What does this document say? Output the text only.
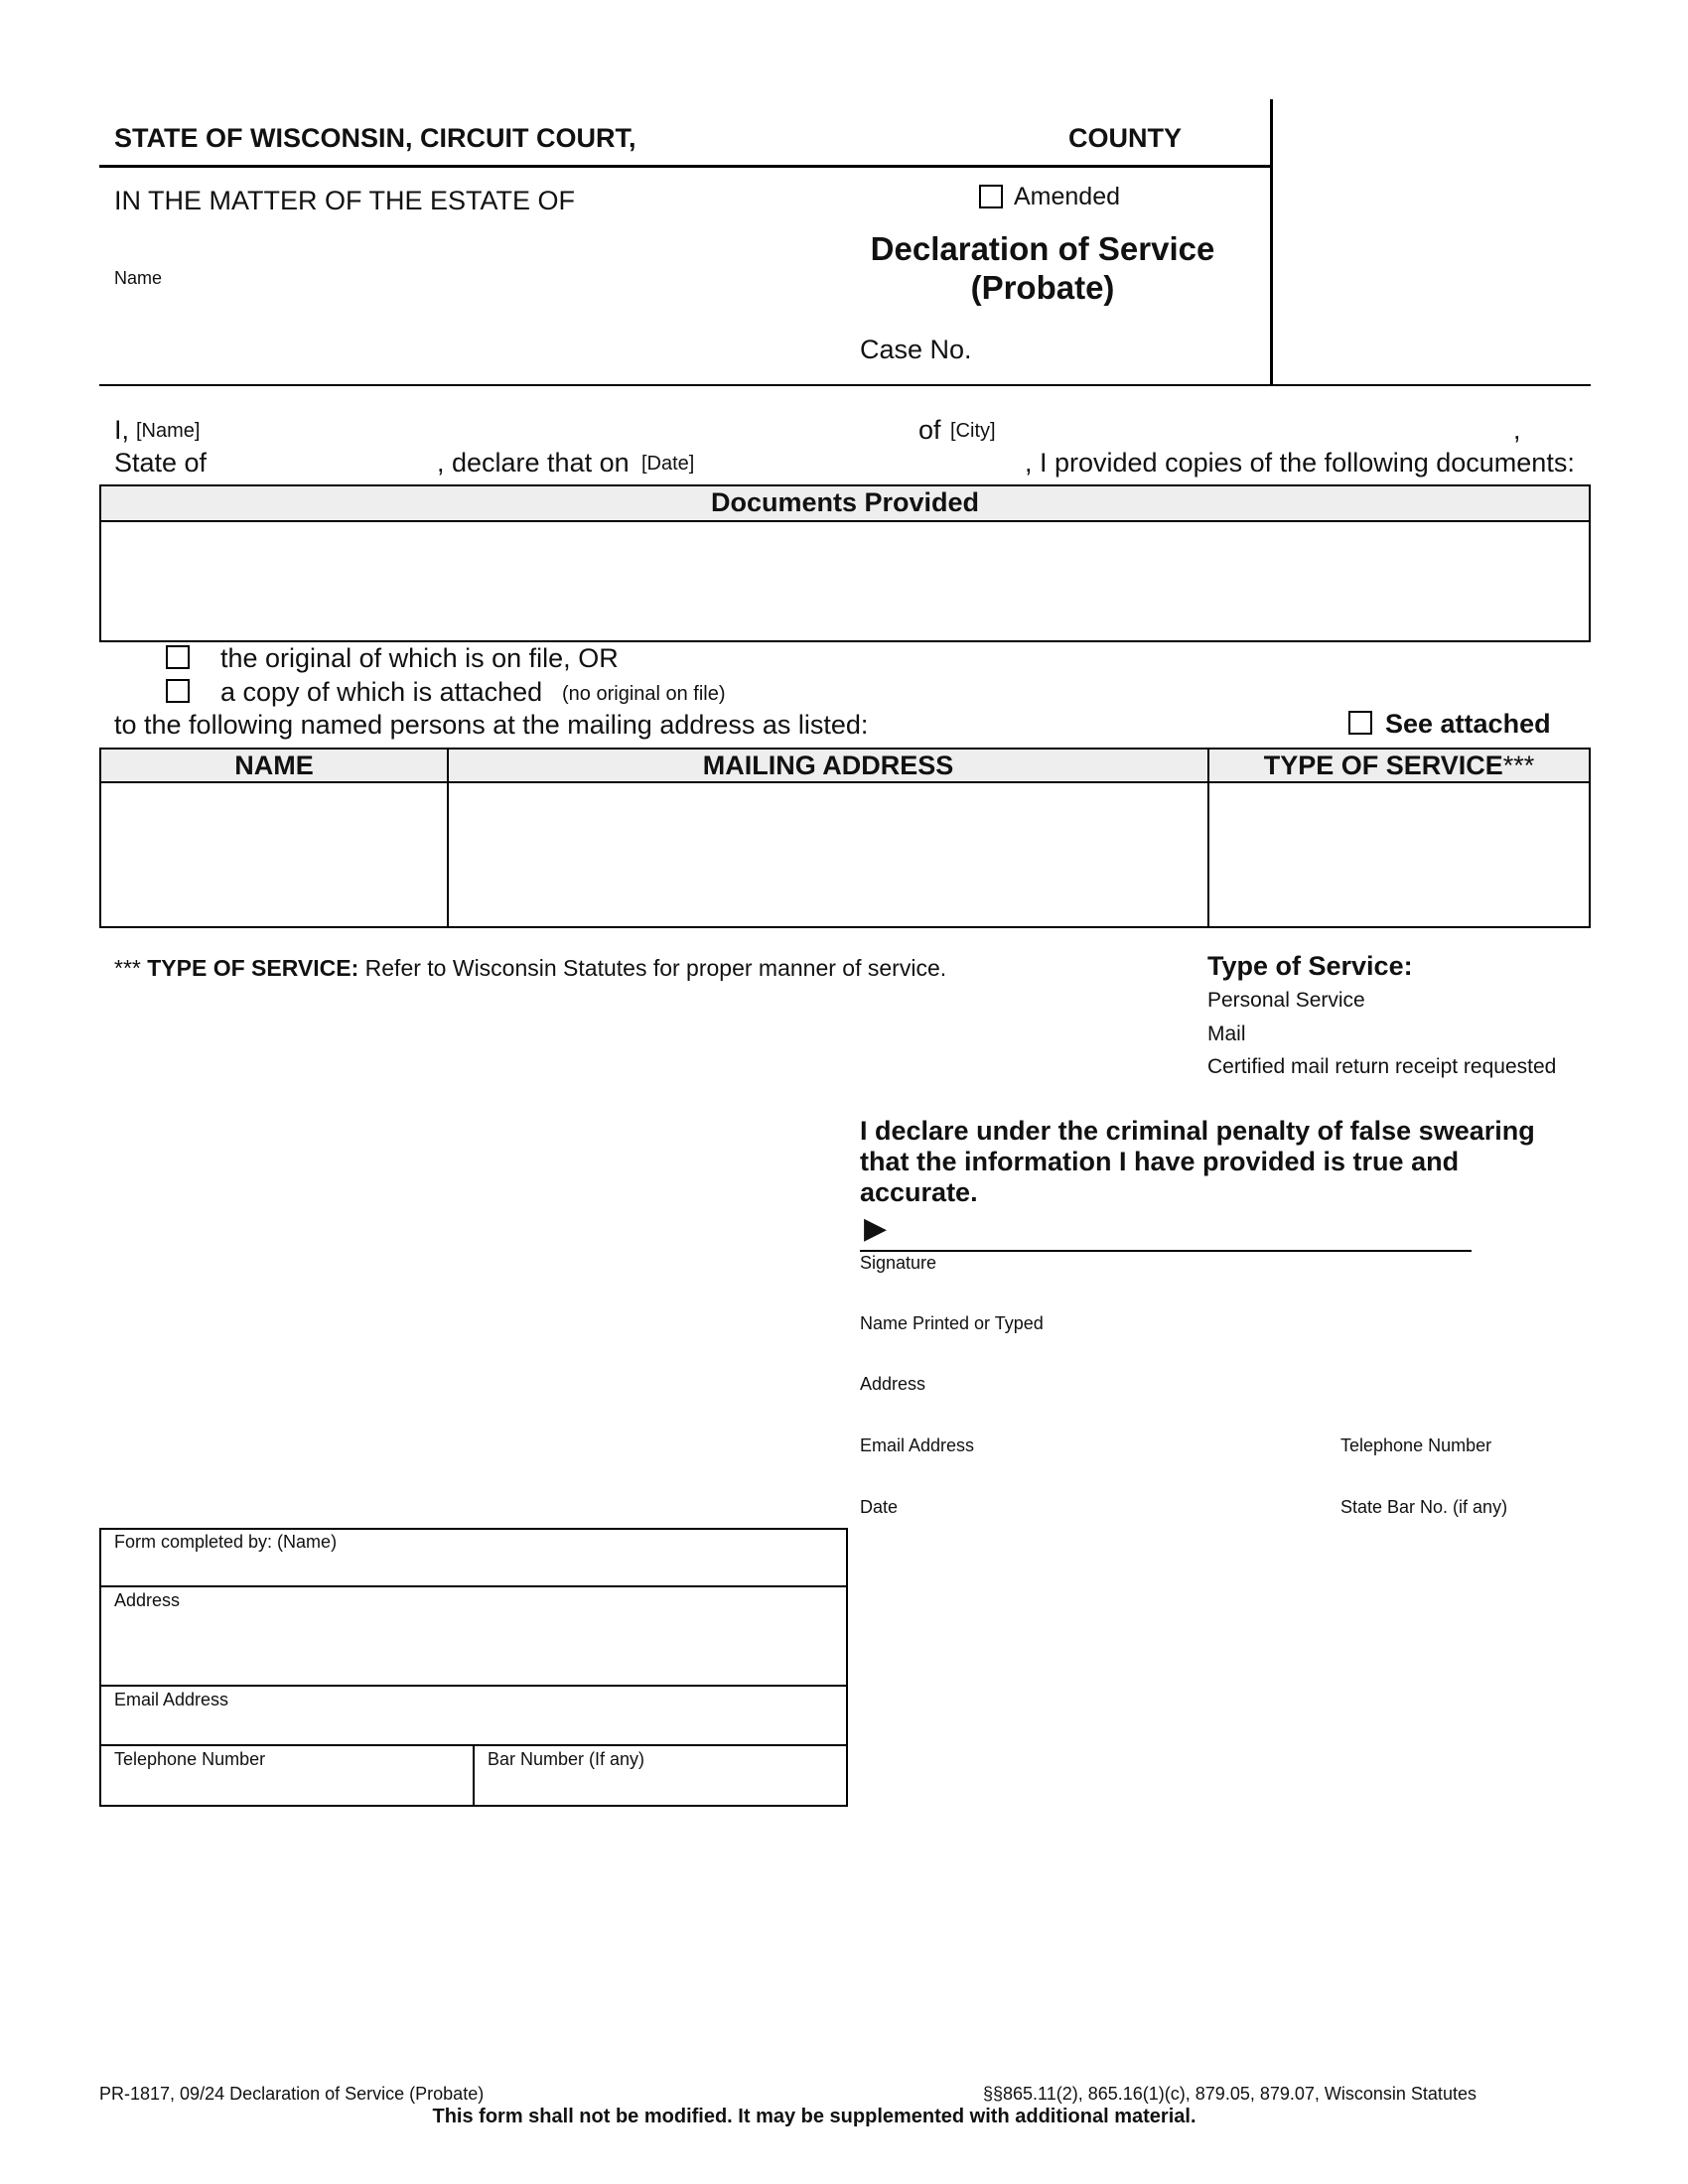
STATE OF WISCONSIN, CIRCUIT COURT,	COUNTY
IN THE MATTER OF THE ESTATE OF
Name
Amended
Declaration of Service
(Probate)
Case No.
I, [Name]	of [City]	,
State of	, declare that on [Date]	, I provided copies of the following documents:
Documents Provided
the original of which is on file, OR
a copy of which is attached (no original on file)
to the following named persons at the mailing address as listed:	See attached
NAME	MAILING ADDRESS	TYPE OF SERVICE***
*** TYPE OF SERVICE: Refer to Wisconsin Statutes for proper manner of service.	Type of Service:
Personal Service
Mail
Certified mail return receipt requested
I declare under the criminal penalty of false swearing
that the information I have provided is true and
accurate.
▶
Signature
Name Printed or Typed
Address
Email Address	Telephone Number
Date	State Bar No. (if any)
Form completed by: (Name)
Address
Email Address
Telephone Number	Bar Number (If any)
PR-1817, 09/24 Declaration of Service (Probate)	§§865.11(2), 865.16(1)(c), 879.05, 879.07, Wisconsin Statutes
This form shall not be modified. It may be supplemented with additional material.
